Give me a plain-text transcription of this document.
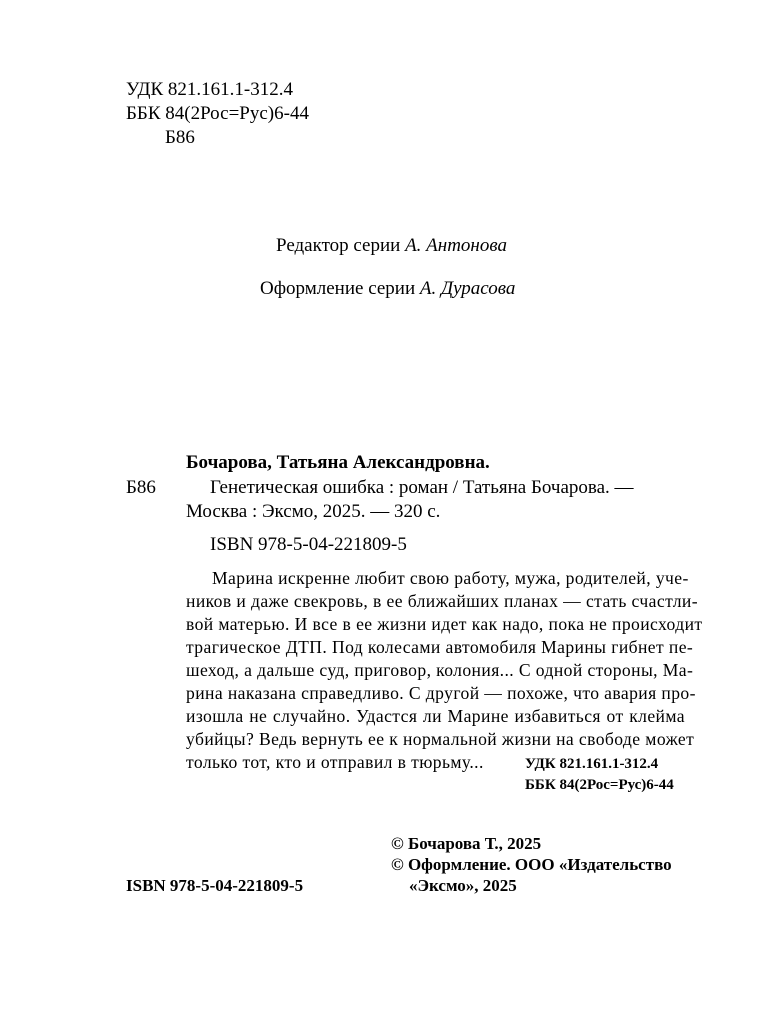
УДК 821.161.1-312.4
ББК 84(2Рос=Рус)6-44
Б86
Редактор серии А. Антонова
Оформление серии А. Дурасова
Бочарова, Татьяна Александровна.
Б86	Генетическая ошибка : роман / Татьяна Бочарова. —
Москва : Эксмо, 2025. — 320 с.
ISBN 978-5-04-221809-5
Марина искренне любит свою работу, мужа, родителей, уче-
ников и даже свекровь, в ее ближайших планах — стать счастли-
вой матерью. И все в ее жизни идет как надо, пока не происходит
трагическое ДТП. Под колесами автомобиля Марины гибнет пе-
шеход, а дальше суд, приговор, колония... С одной стороны, Ма-
рина наказана справедливо. С другой — похоже, что авария про-
изошла не случайно. Удастся ли Марине избавиться от клейма
убийцы? Ведь вернуть ее к нормальной жизни на свободе может
только тот, кто и отправил в тюрьму...	УДК 821.161.1-312.4
ББК 84(2Рос=Рус)6-44
© Бочарова Т., 2025
© Оформление. ООО «Издательство
«Эксмо», 2025
ISBN 978-5-04-221809-5
